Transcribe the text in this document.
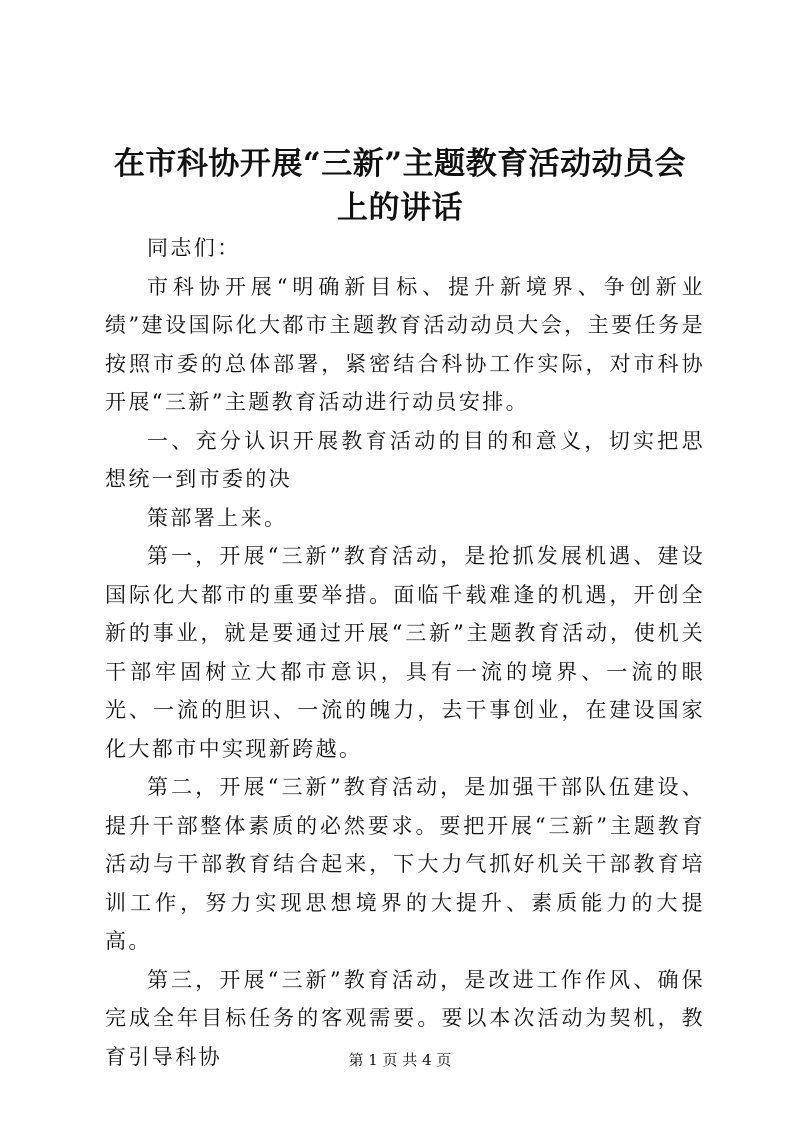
在市科协开展“三新”主题教育活动动员会上的讲话

同志们：

市科协开展“明确新目标、提升新境界、争创新业绩”建设国际化大都市主题教育活动动员大会，主要任务是按照市委的总体部署，紧密结合科协工作实际，对市科协开展“三新”主题教育活动进行动员安排。

一、充分认识开展教育活动的目的和意义，切实把思想统一到市委的决

策部署上来。

第一，开展“三新”教育活动，是抢抓发展机遇、建设国际化大都市的重要举措。面临千载难逢的机遇，开创全新的事业，就是要通过开展“三新”主题教育活动，使机关干部牢固树立大都市意识，具有一流的境界、一流的眼光、一流的胆识、一流的魄力，去干事创业，在建设国家化大都市中实现新跨越。

第二，开展“三新”教育活动，是加强干部队伍建设、提升干部整体素质的必然要求。要把开展“三新”主题教育活动与干部教育结合起来，下大力气抓好机关干部教育培训工作，努力实现思想境界的大提升、素质能力的大提高。

第三，开展“三新”教育活动，是改进工作作风、确保完成全年目标任务的客观需要。要以本次活动为契机，教育引导科协	第 1 页 共 4 页
